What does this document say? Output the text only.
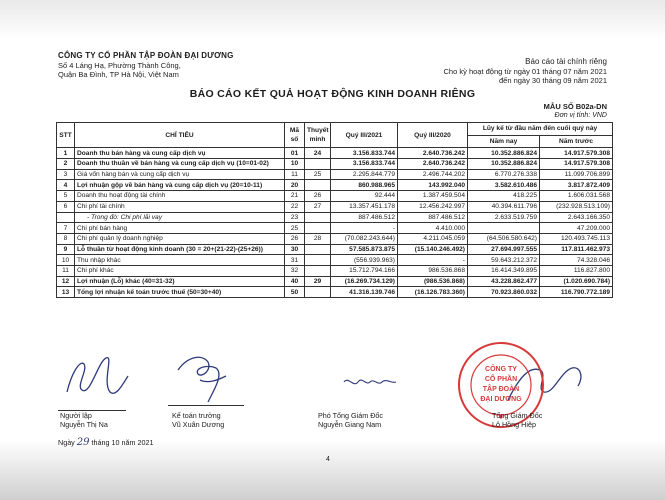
CÔNG TY CỔ PHẦN TẬP ĐOÀN ĐẠI DƯƠNG
Số 4 Láng Hạ, Phường Thành Công,
Quận Ba Đình, TP Hà Nội, Việt Nam
Báo cáo tài chính riêng
Cho kỳ hoạt động từ ngày 01 tháng 07 năm 2021
đến ngày 30 tháng 09 năm 2021
BÁO CÁO KẾT QUẢ HOẠT ĐỘNG KINH DOANH RIÊNG
MẪU SỐ B02a-DN
Đơn vị tính: VND
STT	CHỈ TIÊU	Mã số	Thuyết minh	Quý III/2021	Quý III/2020	Lũy kế từ đầu năm đến cuối quý này	
						Năm nay	Năm trước
1	Doanh thu bán hàng và cung cấp dịch vụ	01	24	3.156.833.744	2.640.736.242	10.352.886.824	14.917.579.308
2	Doanh thu thuần về bán hàng và cung cấp dịch vụ (10=01-02)	10		3.156.833.744	2.640.736.242	10.352.886.824	14.917.579.308
3	Giá vốn hàng bán và cung cấp dịch vụ	11	25	2.295.844.779	2.496.744.202	6.770.276.338	11.099.706.899
4	Lợi nhuận gộp về bán hàng và cung cấp dịch vụ (20=10-11)	20		860.988.965	143.992.040	3.582.610.486	3.817.872.409
5	Doanh thu hoạt động tài chính	21	26	92.444	1.387.459.504	418.225	1.606.031.568
6	Chi phí tài chính	22	27	13.357.451.178	12.456.242.997	40.394.611.796	(232.928.513.109)
	- Trong đó: Chi phí lãi vay	23		887.486.512	887.486.512	2.633.519.759	2.643.166.350
7	Chi phí bán hàng	25		-	4.410.000		47.209.000
8	Chi phí quản lý doanh nghiệp	26	28	(70.082.243.644)	4.211.045.059	(64.506.580.642)	120.493.745.113
9	Lỗ thuần từ hoạt động kinh doanh (30 = 20+(21-22)-(25+26))	30		57.585.873.875	(15.140.246.492)	27.694.997.555	117.811.462.973
10	Thu nhập khác	31		(556.939.963)	-	59.643.212.372	74.328.046
11	Chi phí khác	32		15.712.794.166	986.536.868	16.414.349.895	116.827.800
12	Lợi nhuận (Lỗ) khác (40=31-32)	40	29	(16.269.734.129)	(986.536.868)	43.228.862.477	(1.020.690.784)
13	Tổng lợi nhuận kế toán trước thuế (50=30+40)	50		41.316.139.746	(16.126.783.360)	70.923.860.032	116.790.772.189
CÔNG TY
CỔ PHẦN
TẬP ĐOÀN
ĐẠI DƯƠNG
Người lập
Nguyễn Thị Na
Kế toán trưởng
Vũ Xuân Dương
Phó Tổng Giám Đốc
Nguyễn Giang Nam
Tổng Giám Đốc
Lô Hồng Hiệp
Ngày 29 tháng 10 năm 2021
4
